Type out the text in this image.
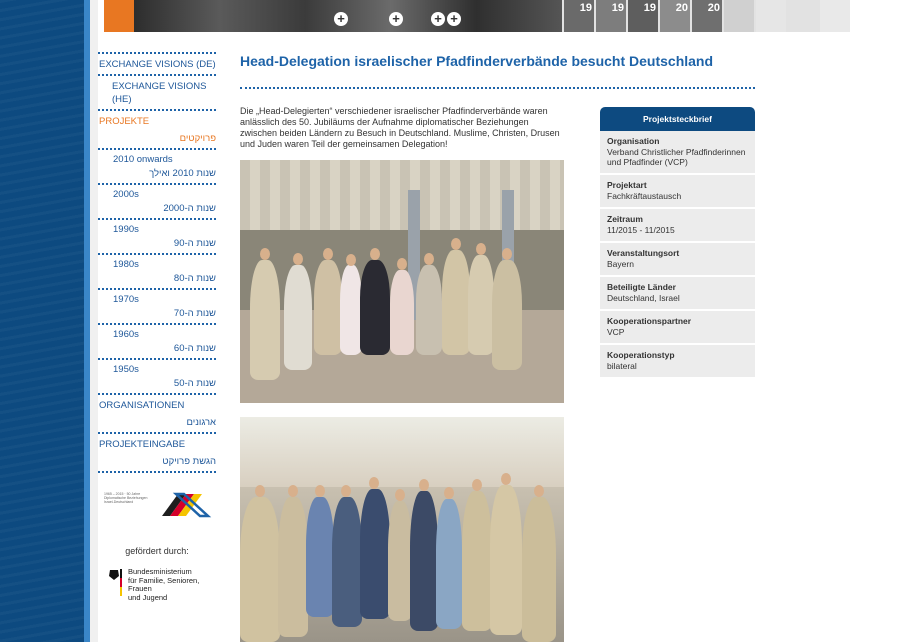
+	+	+ +
19 19 19 20 20
EXCHANGE VISIONS (DE)
EXCHANGE VISIONS (HE)
PROJEKTE
פרויקטים
2010 onwards
שנות 2010 ואילך
2000s
שנות ה-2000
1990s
שנות ה-90
1980s
שנות ה-80
1970s
שנות ה-70
1960s
שנות ה-60
1950s
שנות ה-50
ORGANISATIONEN
ארגונים
PROJEKTEINGABE
הגשת פרויקט
1965 – 2015 · 50 Jahre Diplomatische Beziehungen Israel-Deutschland
gefördert durch:
Bundesministerium
für Familie, Senioren, Frauen
und Jugend
Head-Delegation israelischer Pfadfinderverbände besucht Deutschland

Die „Head-Delegierten“ verschiedener israelischer Pfadfinderverbände waren anlässlich des 50. Jubiläums der Aufnahme diplomatischer Beziehungen zwischen beiden Ländern zu Besuch in Deutschland. Muslime, Christen, Drusen und Juden waren Teil der gemeinsamen Delegation!

Projektsteckbrief
Organisation
Verband Christlicher Pfadfinderinnen und Pfadfinder (VCP)
Projektart
Fachkräftaustausch
Zeitraum
11/2015 - 11/2015
Veranstaltungsort
Bayern
Beteiligte Länder
Deutschland, Israel
Kooperationspartner
VCP
Kooperationstyp
bilateral
